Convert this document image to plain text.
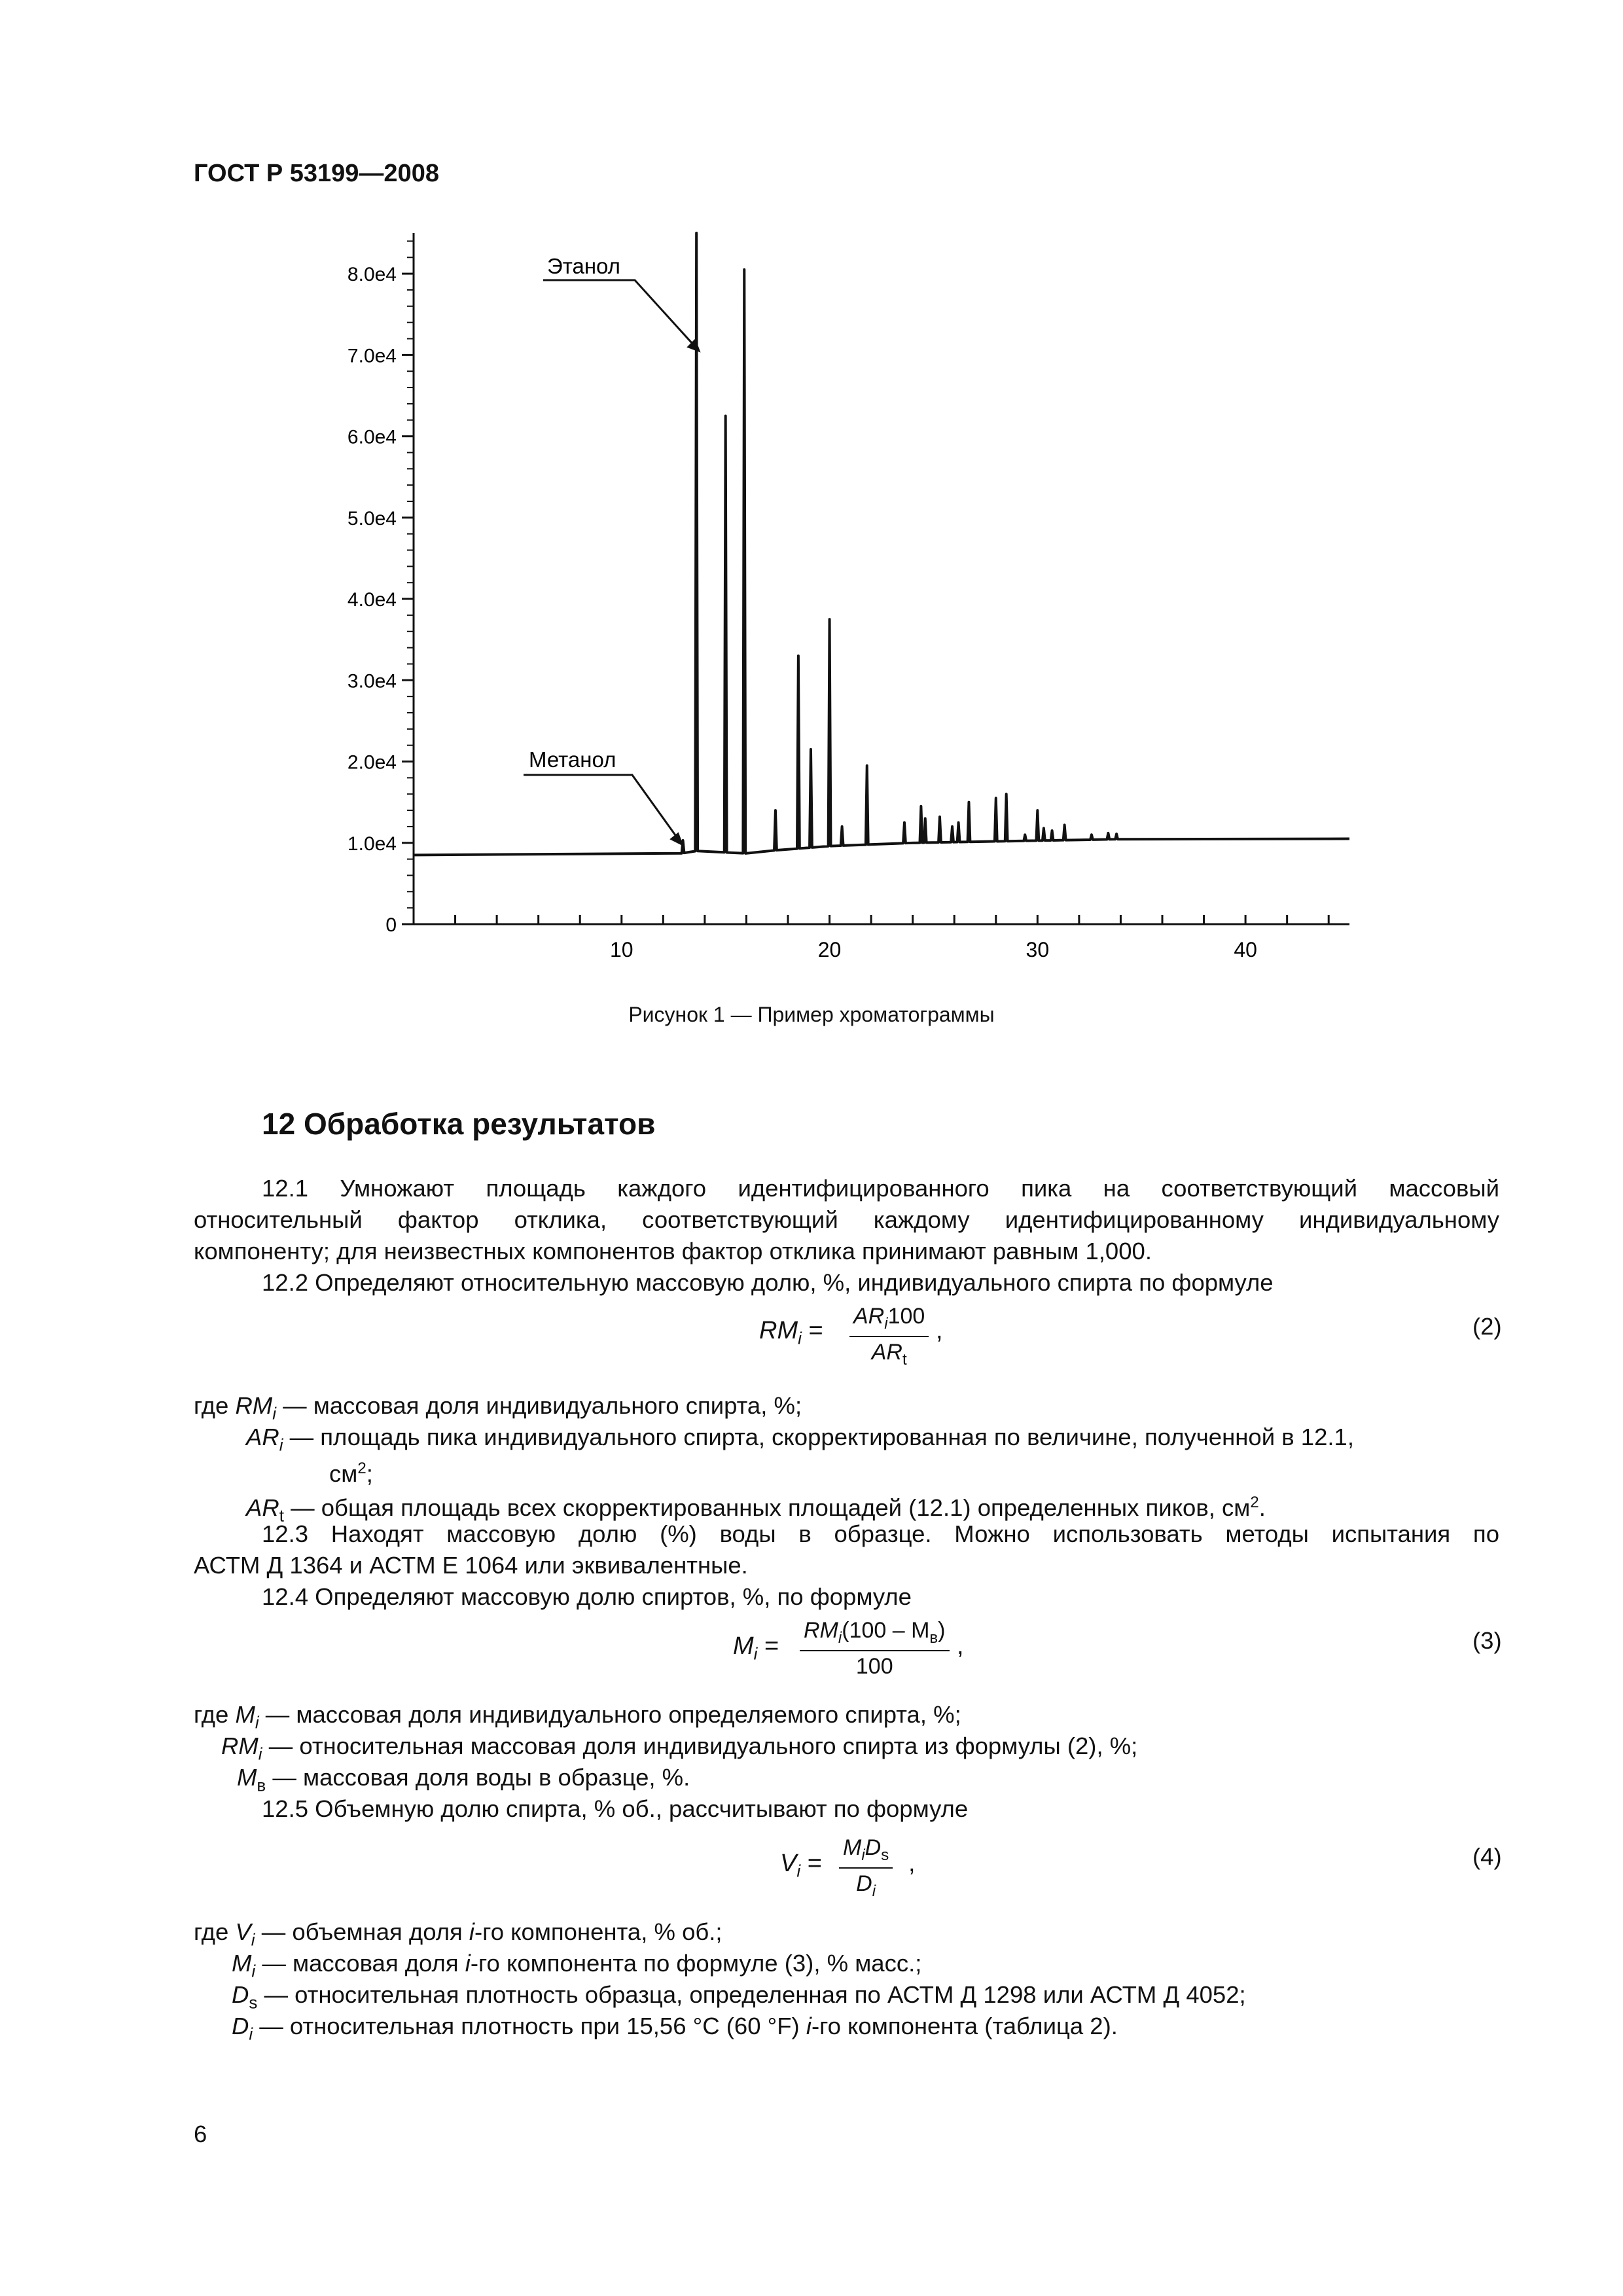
ГОСТ Р 53199—2008
0
1.0e4
2.0e4
3.0e4
4.0e4
5.0e4
6.0e4
7.0e4
8.0e4
10	20	30	40
Этанол
Метанол
Рисунок 1 — Пример хроматограммы
12 Обработка результатов
12.1 Умножают площадь каждого идентифицированного пика на соответствующий массовый
относительный фактор отклика, соответствующий каждому идентифицированному индивидуальному
компоненту; для неизвестных компонентов фактор отклика принимают равным 1,000.
12.2 Определяют относительную массовую долю, %, индивидуального спирта по формуле
$RM_i$ =
$AR_i100$
$AR_t$
,	(2)
где $RM_i$ — массовая доля индивидуального спирта, %;
$AR_i$ — площадь пика индивидуального спирта, скорректированная по величине, полученной в 12.1,
$см^2$;
$AR_t$ — общая площадь всех скорректированных площадей (12.1) определенных пиков, $см^2$.
12.3 Находят массовую долю (%) воды в образце. Можно использовать методы испытания по
АСТМ Д 1364 и АСТМ Е 1064 или эквивалентные.
12.4 Определяют массовую долю спиртов, %, по формуле
$M_i$ =
$RM_i(100 - M_в)$
100
,	(3)
где $M_i$ — массовая доля индивидуального определяемого спирта, %;
$RM_i$ — относительная массовая доля индивидуального спирта из формулы (2), %;
$M_в$ — массовая доля воды в образце, %.
12.5 Объемную долю спирта, % об., рассчитывают по формуле
$V_i$ =
$M_iD_s$
$D_i$
,	(4)
где $V_i$ — объемная доля i-го компонента, % об.;
$M_i$ — массовая доля i-го компонента по формуле (3), % масс.;
$D_s$ — относительная плотность образца, определенная по АСТМ Д 1298 или АСТМ Д 4052;
$D_i$ — относительная плотность при 15,56 °С (60 °F) i-го компонента (таблица 2).
6
